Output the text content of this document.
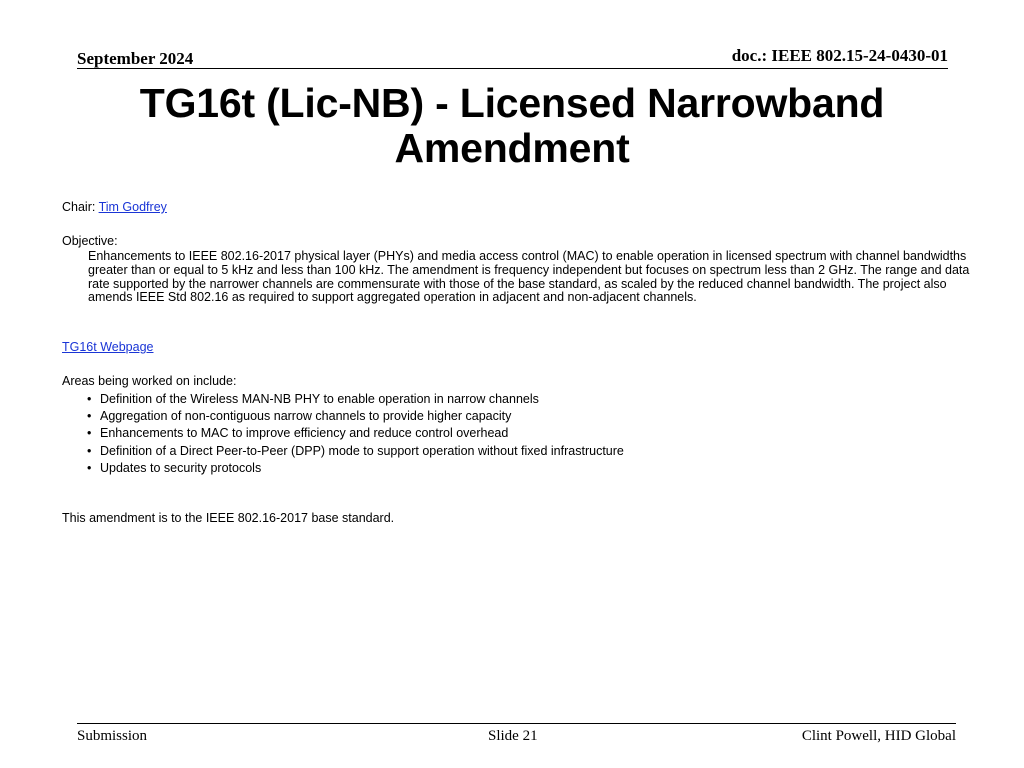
September 2024	doc.: IEEE 802.15-24-0430-01
TG16t (Lic-NB) - Licensed Narrowband Amendment
Chair: Tim Godfrey
Objective:
Enhancements to IEEE 802.16-2017 physical layer (PHYs) and media access control (MAC) to enable operation in licensed spectrum with channel bandwidths greater than or equal to 5 kHz and less than 100 kHz. The amendment is frequency independent but focuses on spectrum less than 2 GHz. The range and data rate supported by the narrower channels are commensurate with those of the base standard, as scaled by the reduced channel bandwidth. The project also amends IEEE Std 802.16 as required to support aggregated operation in adjacent and non-adjacent channels.
TG16t Webpage
Areas being worked on include:
• Definition of the Wireless MAN-NB PHY to enable operation in narrow channels
• Aggregation of non-contiguous narrow channels to provide higher capacity
• Enhancements to MAC to improve efficiency and reduce control overhead
• Definition of a Direct Peer-to-Peer (DPP) mode to support operation without fixed infrastructure
• Updates to security protocols
This amendment is to the IEEE 802.16-2017 base standard.
Submission	Slide 21	Clint Powell, HID Global
